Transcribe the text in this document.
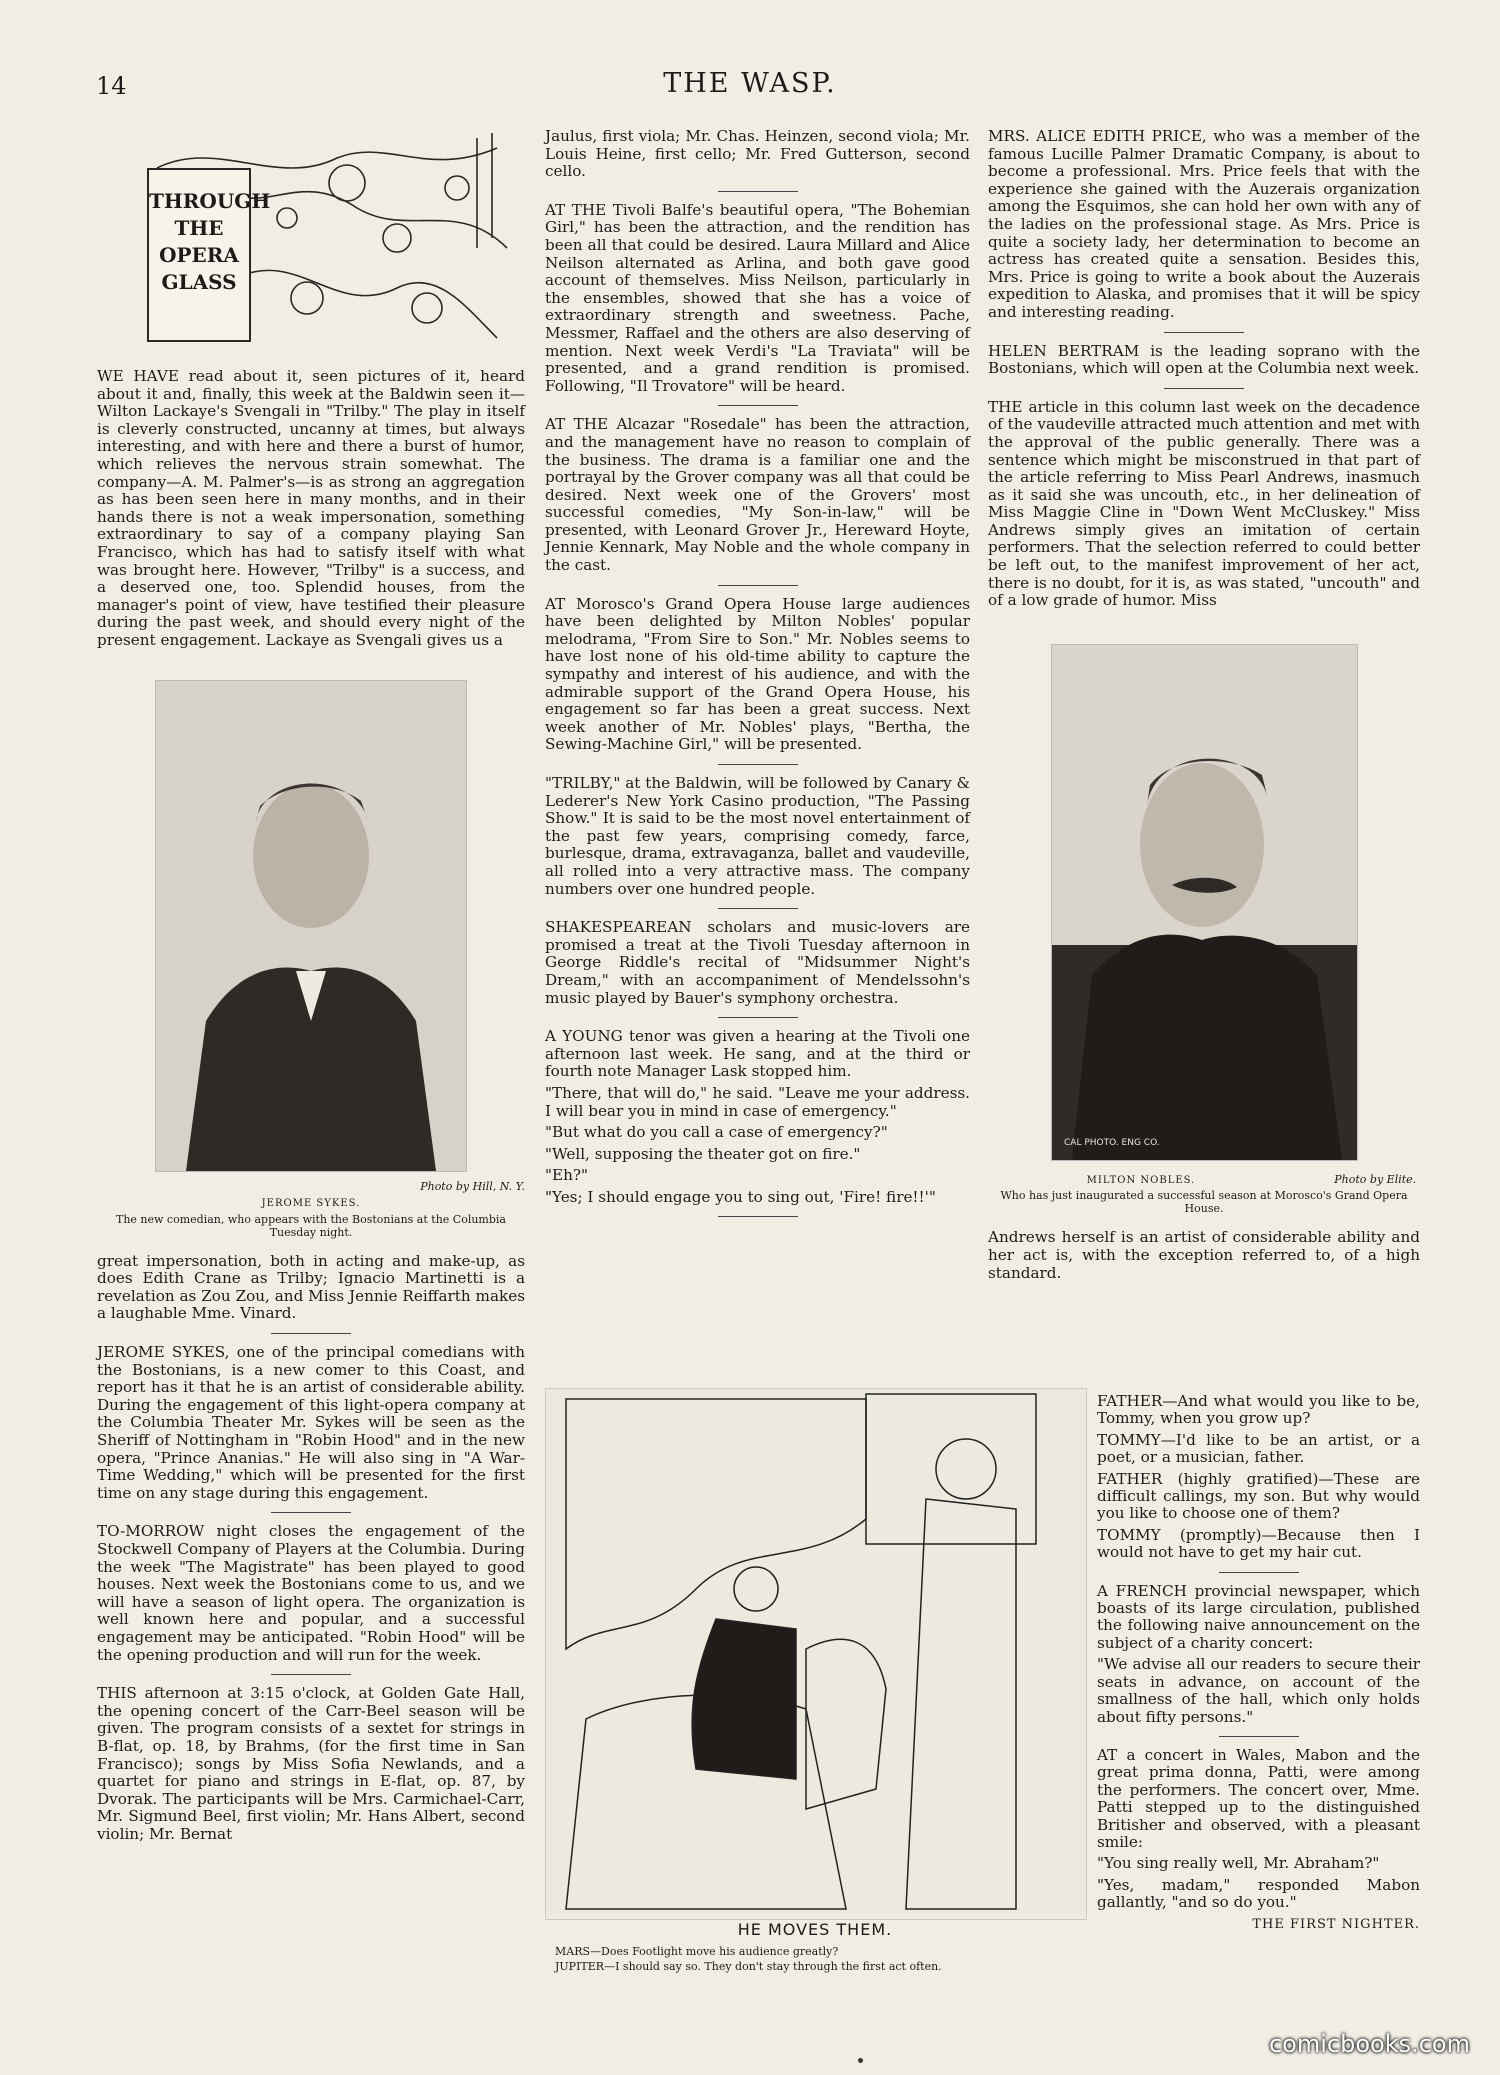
14	THE WASP.
THROUGH
THE
OPERA
GLASS

WE HAVE read about it, seen pictures of it, heard about it and, finally, this week at the Baldwin seen it—Wilton Lackaye's Svengali in "Trilby." The play in itself is cleverly constructed, uncanny at times, but always interesting, and with here and there a burst of humor, which relieves the nervous strain somewhat. The company—A. M. Palmer's—is as strong an aggregation as has been seen here in many months, and in their hands there is not a weak impersonation, something extraordinary to say of a company playing San Francisco, which has had to satisfy itself with what was brought here. However, "Trilby" is a success, and a deserved one, too. Splendid houses, from the manager's point of view, have testified their pleasure during the past week, and should every night of the present engagement. Lackaye as Svengali gives us a

Photo by Hill, N. Y.
JEROME SYKES.
The new comedian, who appears with the Bostonians at the Columbia Tuesday night.

great impersonation, both in acting and make-up, as does Edith Crane as Trilby; Ignacio Martinetti is a revelation as Zou Zou, and Miss Jennie Reiffarth makes a laughable Mme. Vinard.

JEROME SYKES, one of the principal comedians with the Bostonians, is a new comer to this Coast, and report has it that he is an artist of considerable ability. During the engagement of this light-opera company at the Columbia Theater Mr. Sykes will be seen as the Sheriff of Nottingham in "Robin Hood" and in the new opera, "Prince Ananias." He will also sing in "A War-Time Wedding," which will be presented for the first time on any stage during this engagement.

TO-MORROW night closes the engagement of the Stockwell Company of Players at the Columbia. During the week "The Magistrate" has been played to good houses. Next week the Bostonians come to us, and we will have a season of light opera. The organization is well known here and popular, and a successful engagement may be anticipated. "Robin Hood" will be the opening production and will run for the week.

THIS afternoon at 3:15 o'clock, at Golden Gate Hall, the opening concert of the Carr-Beel season will be given. The program consists of a sextet for strings in B-flat, op. 18, by Brahms, (for the first time in San Francisco); songs by Miss Sofia Newlands, and a quartet for piano and strings in E-flat, op. 87, by Dvorak. The participants will be Mrs. Carmichael-Carr, Mr. Sigmund Beel, first violin; Mr. Hans Albert, second violin; Mr. Bernat

Jaulus, first viola; Mr. Chas. Heinzen, second viola; Mr. Louis Heine, first cello; Mr. Fred Gutterson, second cello.

AT THE Tivoli Balfe's beautiful opera, "The Bohemian Girl," has been the attraction, and the rendition has been all that could be desired. Laura Millard and Alice Neilson alternated as Arlina, and both gave good account of themselves. Miss Neilson, particularly in the ensembles, showed that she has a voice of extraordinary strength and sweetness. Pache, Messmer, Raffael and the others are also deserving of mention. Next week Verdi's "La Traviata" will be presented, and a grand rendition is promised. Following, "Il Trovatore" will be heard.

AT THE Alcazar "Rosedale" has been the attraction, and the management have no reason to complain of the business. The drama is a familiar one and the portrayal by the Grover company was all that could be desired. Next week one of the Grovers' most successful comedies, "My Son-in-law," will be presented, with Leonard Grover Jr., Hereward Hoyte, Jennie Kennark, May Noble and the whole company in the cast.

AT Morosco's Grand Opera House large audiences have been delighted by Milton Nobles' popular melodrama, "From Sire to Son." Mr. Nobles seems to have lost none of his old-time ability to capture the sympathy and interest of his audience, and with the admirable support of the Grand Opera House, his engagement so far has been a great success. Next week another of Mr. Nobles' plays, "Bertha, the Sewing-Machine Girl," will be presented.

"TRILBY," at the Baldwin, will be followed by Canary & Lederer's New York Casino production, "The Passing Show." It is said to be the most novel entertainment of the past few years, comprising comedy, farce, burlesque, drama, extravaganza, ballet and vaudeville, all rolled into a very attractive mass. The company numbers over one hundred people.

SHAKESPEAREAN scholars and music-lovers are promised a treat at the Tivoli Tuesday afternoon in George Riddle's recital of "Midsummer Night's Dream," with an accompaniment of Mendelssohn's music played by Bauer's symphony orchestra.

A YOUNG tenor was given a hearing at the Tivoli one afternoon last week. He sang, and at the third or fourth note Manager Lask stopped him.

"There, that will do," he said. "Leave me your address. I will bear you in mind in case of emergency."

"But what do you call a case of emergency?"

"Well, supposing the theater got on fire."

"Eh?"

"Yes; I should engage you to sing out, 'Fire! fire!!'"

MRS. ALICE EDITH PRICE, who was a member of the famous Lucille Palmer Dramatic Company, is about to become a professional. Mrs. Price feels that with the experience she gained with the Auzerais organization among the Esquimos, she can hold her own with any of the ladies on the professional stage. As Mrs. Price is quite a society lady, her determination to become an actress has created quite a sensation. Besides this, Mrs. Price is going to write a book about the Auzerais expedition to Alaska, and promises that it will be spicy and interesting reading.

HELEN BERTRAM is the leading soprano with the Bostonians, which will open at the Columbia next week.

THE article in this column last week on the decadence of the vaudeville attracted much attention and met with the approval of the public generally. There was a sentence which might be misconstrued in that part of the article referring to Miss Pearl Andrews, inasmuch as it said she was uncouth, etc., in her delineation of Miss Maggie Cline in "Down Went McCluskey." Miss Andrews simply gives an imitation of certain performers. That the selection referred to could better be left out, to the manifest improvement of her act, there is no doubt, for it is, as was stated, "uncouth" and of a low grade of humor. Miss

CAL PHOTO. ENG CO.
MILTON NOBLES.	Photo by Elite.
Who has just inaugurated a successful season at Morosco's Grand Opera House.

Andrews herself is an artist of considerable ability and her act is, with the exception referred to, of a high standard.

FATHER—And what would you like to be, Tommy, when you grow up?

TOMMY—I'd like to be an artist, or a poet, or a musician, father.

FATHER (highly gratified)—These are difficult callings, my son. But why would you like to choose one of them?

TOMMY (promptly)—Because then I would not have to get my hair cut.

A FRENCH provincial newspaper, which boasts of its large circulation, published the following naive announcement on the subject of a charity concert:

"We advise all our readers to secure their seats in advance, on account of the smallness of the hall, which only holds about fifty persons."

AT a concert in Wales, Mabon and the great prima donna, Patti, were among the performers. The concert over, Mme. Patti stepped up to the distinguished Britisher and observed, with a pleasant smile:

"You sing really well, Mr. Abraham?"

"Yes, madam," responded Mabon gallantly, "and so do you."

THE FIRST NIGHTER.
HE MOVES THEM.
MARS—Does Footlight move his audience greatly?
JUPITER—I should say so. They don't stay through the first act often.
comicbooks.com
